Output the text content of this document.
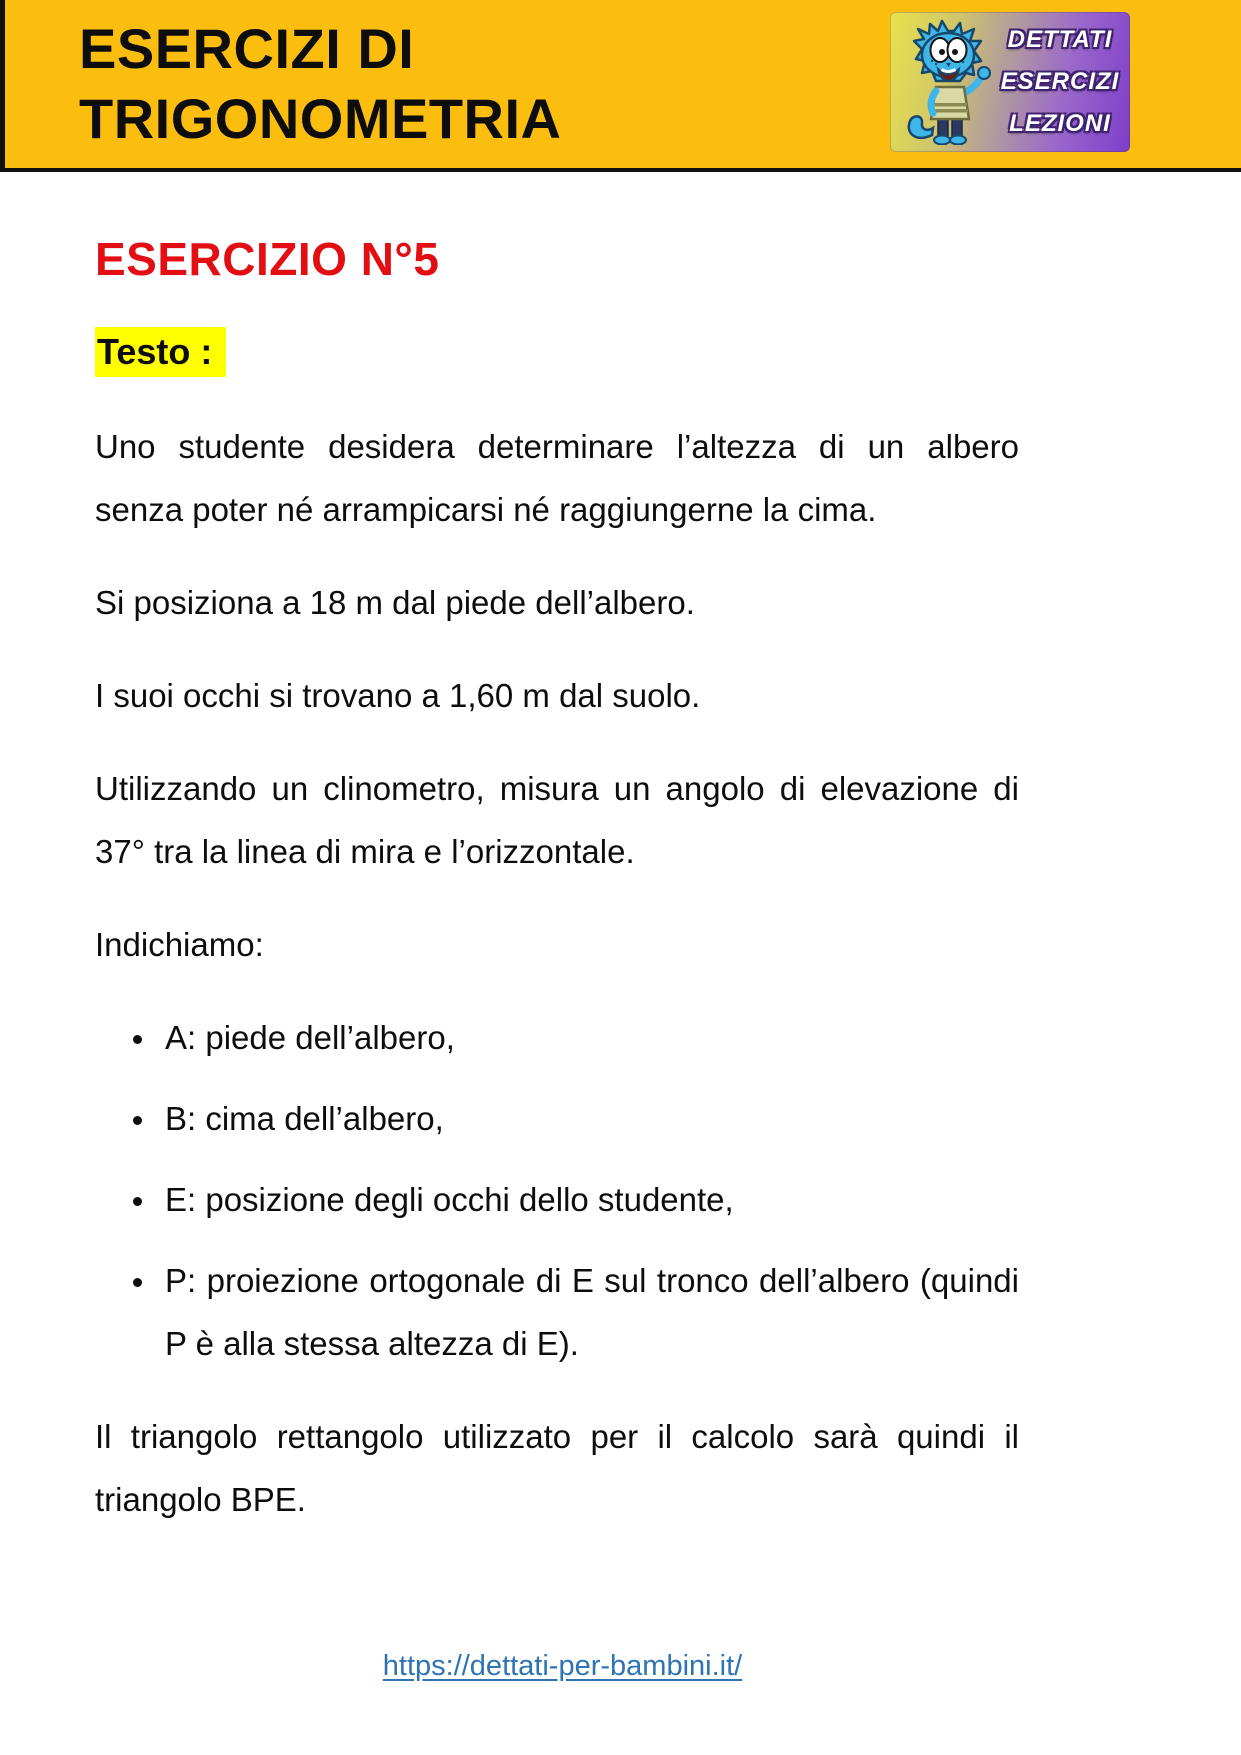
ESERCIZI DI
TRIGONOMETRIA
DETTATI
ESERCIZI
LEZIONI
ESERCIZIO N°5
Testo :

Uno studente desidera determinare l’altezza di un albero senza poter né arrampicarsi né raggiungerne la cima.

Si posiziona a 18 m dal piede dell’albero.

I suoi occhi si trovano a 1,60 m dal suolo.

Utilizzando un clinometro, misura un angolo di elevazione di 37° tra la linea di mira e l’orizzontale.

Indichiamo:

A: piede dell’albero,
B: cima dell’albero,
E: posizione degli occhi dello studente,
P: proiezione ortogonale di E sul tronco dell’albero (quindi P è alla stessa altezza di E).

Il triangolo rettangolo utilizzato per il calcolo sarà quindi il triangolo BPE.

https://dettati-per-bambini.it/
